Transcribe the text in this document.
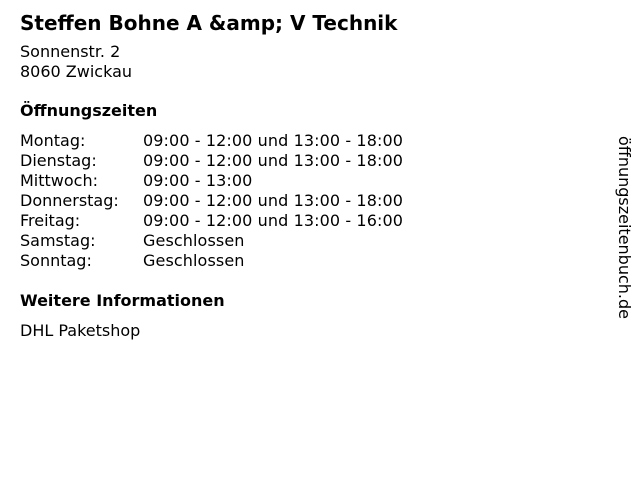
Steffen Bohne A &amp; V Technik
Sonnenstr. 2
8060 Zwickau
Öffnungszeiten
Montag:	09:00 - 12:00 und 13:00 - 18:00
Dienstag:	09:00 - 12:00 und 13:00 - 18:00
Mittwoch:	09:00 - 13:00
Donnerstag:	09:00 - 12:00 und 13:00 - 18:00
Freitag:	09:00 - 12:00 und 13:00 - 16:00
Samstag:	Geschlossen
Sonntag:	Geschlossen
Weitere Informationen
DHL Paketshop
öffnungszeitenbuch.de
